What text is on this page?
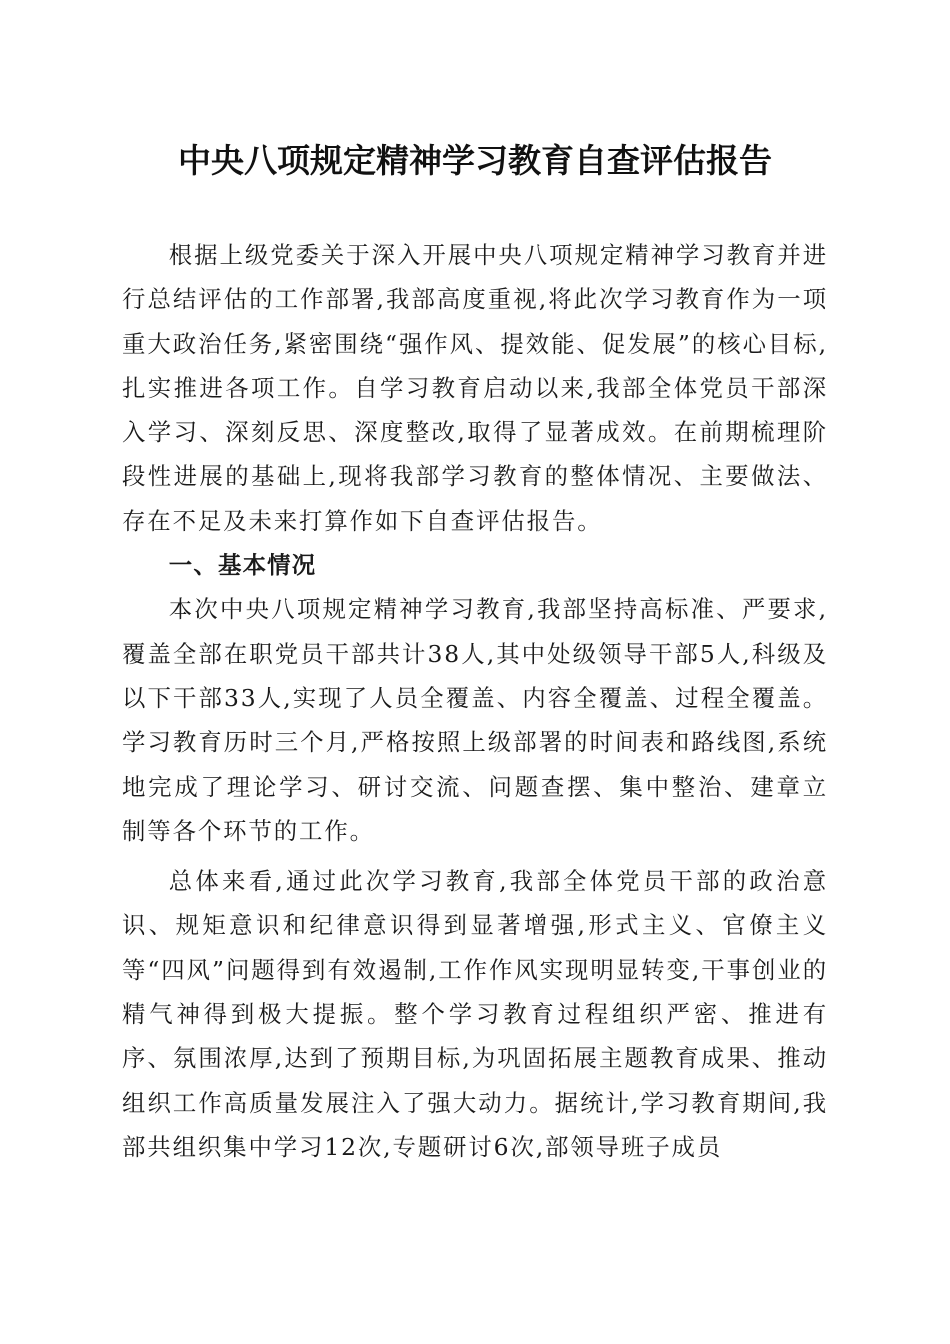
中央八项规定精神学习教育自查评估报告

根据上级党委关于深入开展中央八项规定精神学习教育并进行总结评估的工作部署,我部高度重视,将此次学习教育作为一项重大政治任务,紧密围绕“强作风、提效能、促发展”的核心目标,扎实推进各项工作。自学习教育启动以来,我部全体党员干部深入学习、深刻反思、深度整改,取得了显著成效。在前期梳理阶段性进展的基础上,现将我部学习教育的整体情况、主要做法、存在不足及未来打算作如下自查评估报告。

一、基本情况

本次中央八项规定精神学习教育,我部坚持高标准、严要求,覆盖全部在职党员干部共计38人,其中处级领导干部5人,科级及以下干部33人,实现了人员全覆盖、内容全覆盖、过程全覆盖。学习教育历时三个月,严格按照上级部署的时间表和路线图,系统地完成了理论学习、研讨交流、问题查摆、集中整治、建章立制等各个环节的工作。

总体来看,通过此次学习教育,我部全体党员干部的政治意识、规矩意识和纪律意识得到显著增强,形式主义、官僚主义等“四风”问题得到有效遏制,工作作风实现明显转变,干事创业的精气神得到极大提振。整个学习教育过程组织严密、推进有序、氛围浓厚,达到了预期目标,为巩固拓展主题教育成果、推动组织工作高质量发展注入了强大动力。据统计,学习教育期间,我部共组织集中学习12次,专题研讨6次,部领导班子成员
